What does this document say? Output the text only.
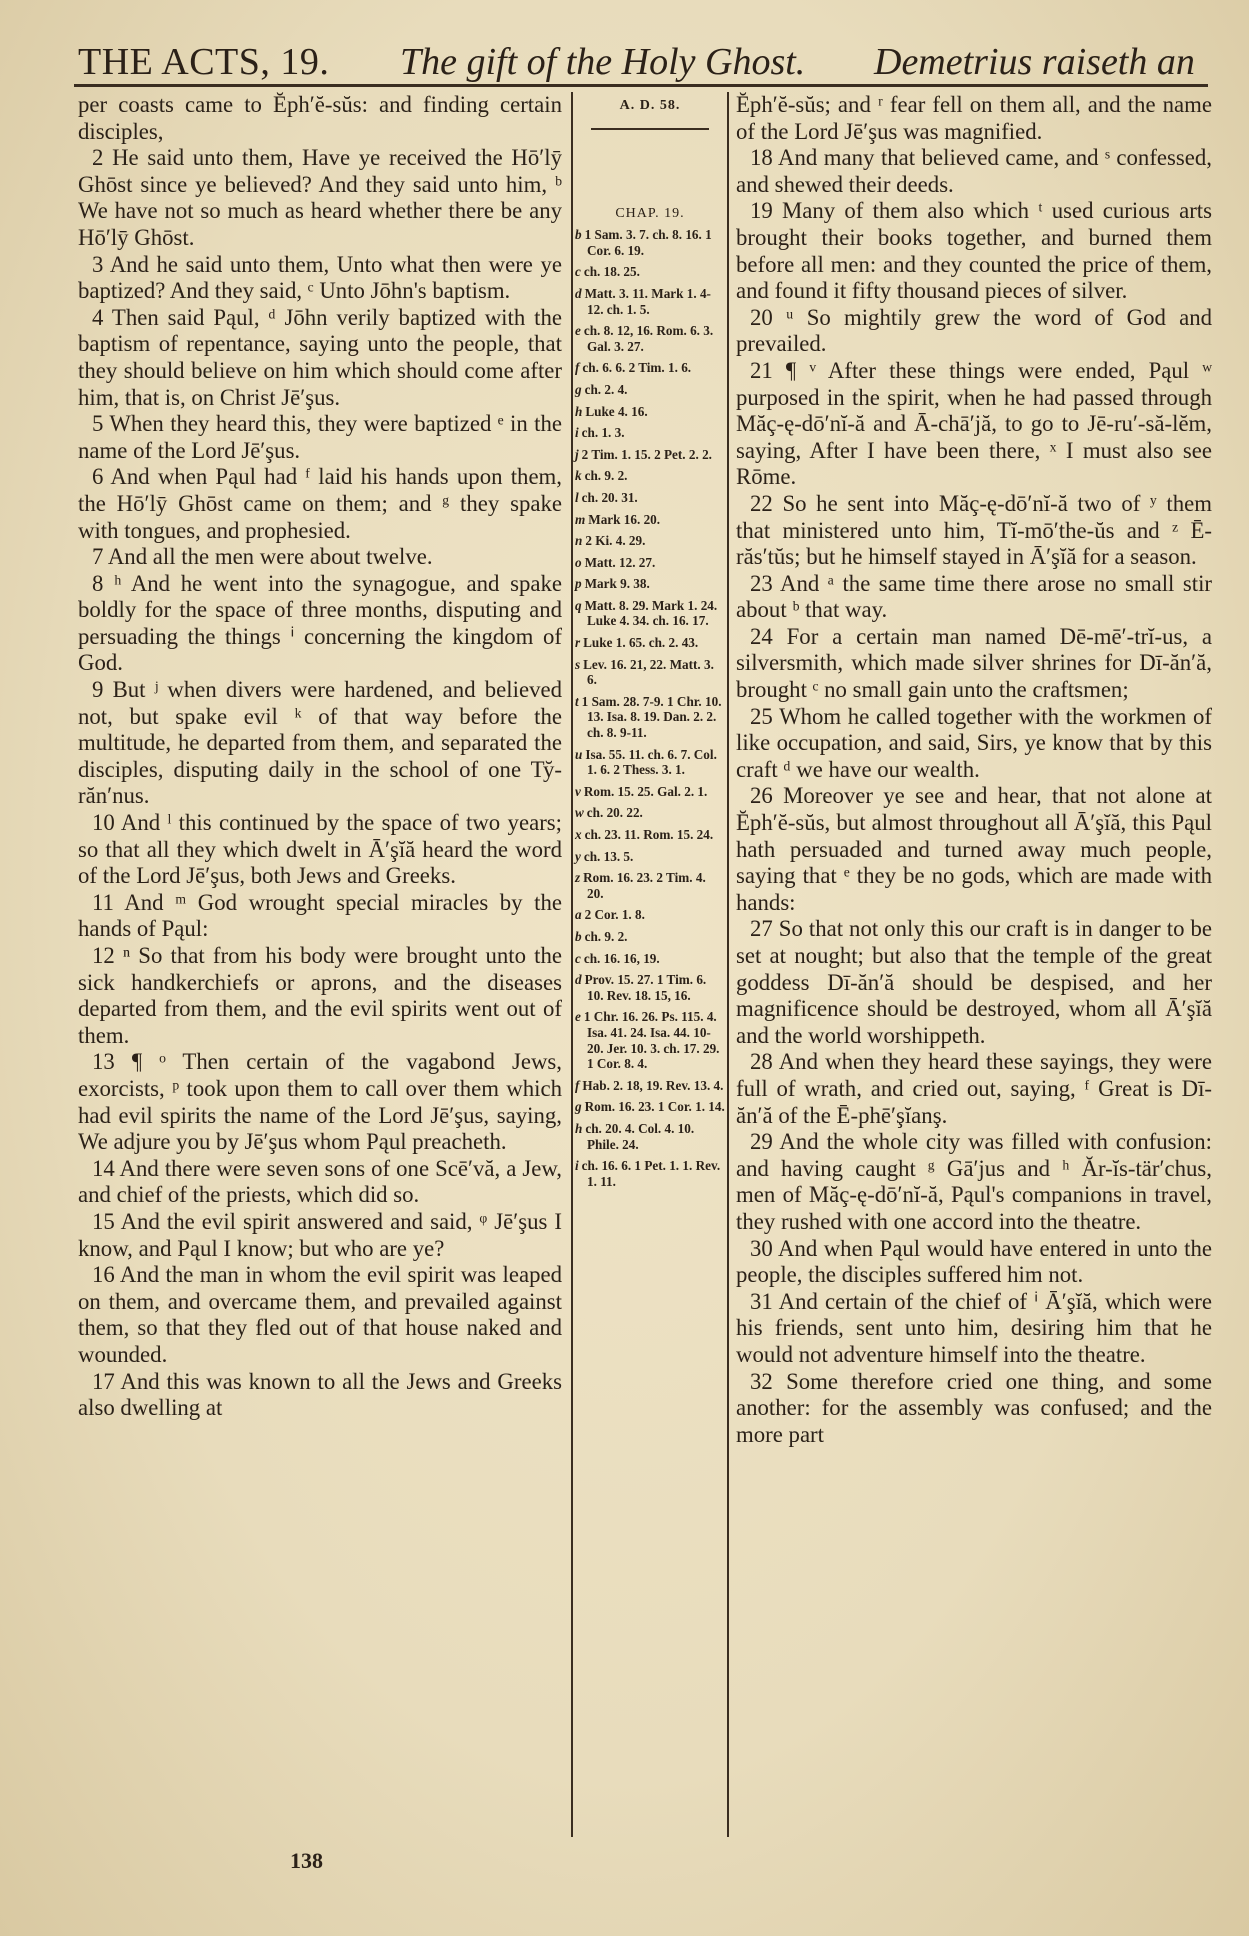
THE ACTS, 19. The gift of the Holy Ghost. Demetrius raiseth an

per coasts came to Ĕph′ĕ-sŭs: and finding certain disciples,

2 He said unto them, Have ye received the Hō′lȳ Ghōst since ye believed? And they said unto him, ᵇ We have not so much as heard whether there be any Hō′lȳ Ghōst.

3 And he said unto them, Unto what then were ye baptized? And they said, ᶜ Unto Jōhn's baptism.

4 Then said Pąul, ᵈ Jōhn verily baptized with the baptism of repentance, saying unto the people, that they should believe on him which should come after him, that is, on Christ Jē′şus.

5 When they heard this, they were baptized ᵉ in the name of the Lord Jē′şus.

6 And when Pąul had ᶠ laid his hands upon them, the Hō′lȳ Ghōst came on them; and ᵍ they spake with tongues, and prophesied.

7 And all the men were about twelve.

8 ʰ And he went into the synagogue, and spake boldly for the space of three months, disputing and persuading the things ⁱ concerning the kingdom of God.

9 But ʲ when divers were hardened, and believed not, but spake evil ᵏ of that way before the multitude, he departed from them, and separated the disciples, disputing daily in the school of one Ty̆-răn′nus.

10 And ˡ this continued by the space of two years; so that all they which dwelt in Ā′şĭă heard the word of the Lord Jē′şus, both Jews and Greeks.

11 And ᵐ God wrought special miracles by the hands of Pąul:

12 ⁿ So that from his body were brought unto the sick handkerchiefs or aprons, and the diseases departed from them, and the evil spirits went out of them.

13 ¶ ᵒ Then certain of the vagabond Jews, exorcists, ᵖ took upon them to call over them which had evil spirits the name of the Lord Jē′şus, saying, We adjure you by Jē′şus whom Pąul preacheth.

14 And there were seven sons of one Scē′vă, a Jew, and chief of the priests, which did so.

15 And the evil spirit answered and said, ᵠ Jē′şus I know, and Pąul I know; but who are ye?

16 And the man in whom the evil spirit was leaped on them, and overcame them, and prevailed against them, so that they fled out of that house naked and wounded.

17 And this was known to all the Jews and Greeks also dwelling at

A. D. 58.
CHAP. 19.
b 1 Sam. 3. 7. ch. 8. 16. 1 Cor. 6. 19.
c ch. 18. 25.
d Matt. 3. 11. Mark 1. 4-12. ch. 1. 5.
e ch. 8. 12, 16. Rom. 6. 3. Gal. 3. 27.
f ch. 6. 6. 2 Tim. 1. 6.
g ch. 2. 4.
h Luke 4. 16.
i ch. 1. 3.
j 2 Tim. 1. 15. 2 Pet. 2. 2.
k ch. 9. 2.
l ch. 20. 31.
m Mark 16. 20.
n 2 Ki. 4. 29.
o Matt. 12. 27.
p Mark 9. 38.
q Matt. 8. 29. Mark 1. 24. Luke 4. 34. ch. 16. 17.
r Luke 1. 65. ch. 2. 43.
s Lev. 16. 21, 22. Matt. 3. 6.
t 1 Sam. 28. 7-9. 1 Chr. 10. 13. Isa. 8. 19. Dan. 2. 2. ch. 8. 9-11.
u Isa. 55. 11. ch. 6. 7. Col. 1. 6. 2 Thess. 3. 1.
v Rom. 15. 25. Gal. 2. 1.
w ch. 20. 22.
x ch. 23. 11. Rom. 15. 24.
y ch. 13. 5.
z Rom. 16. 23. 2 Tim. 4. 20.
a 2 Cor. 1. 8.
b ch. 9. 2.
c ch. 16. 16, 19.
d Prov. 15. 27. 1 Tim. 6. 10. Rev. 18. 15, 16.
e 1 Chr. 16. 26. Ps. 115. 4. Isa. 41. 24. Isa. 44. 10-20. Jer. 10. 3. ch. 17. 29. 1 Cor. 8. 4.
f Hab. 2. 18, 19. Rev. 13. 4.
g Rom. 16. 23. 1 Cor. 1. 14.
h ch. 20. 4. Col. 4. 10. Phile. 24.
i ch. 16. 6. 1 Pet. 1. 1. Rev. 1. 11.

Ĕph′ĕ-sŭs; and ʳ fear fell on them all, and the name of the Lord Jē′şus was magnified.

18 And many that believed came, and ˢ confessed, and shewed their deeds.

19 Many of them also which ᵗ used curious arts brought their books together, and burned them before all men: and they counted the price of them, and found it fifty thousand pieces of silver.

20 ᵘ So mightily grew the word of God and prevailed.

21 ¶ ᵛ After these things were ended, Pąul ʷ purposed in the spirit, when he had passed through Măç-ę-dō′nĭ-ă and Ā-chā′jă, to go to Jē-ru′-să-lĕm, saying, After I have been there, ˣ I must also see Rōme.

22 So he sent into Măç-ę-dō′nĭ-ă two of ʸ them that ministered unto him, Tĭ-mō′the-ŭs and ᶻ Ē-răs′tŭs; but he himself stayed in Ā′şĭă for a season.

23 And ᵃ the same time there arose no small stir about ᵇ that way.

24 For a certain man named Dē-mē′-trĭ-us, a silversmith, which made silver shrines for Dī-ăn′ă, brought ᶜ no small gain unto the craftsmen;

25 Whom he called together with the workmen of like occupation, and said, Sirs, ye know that by this craft ᵈ we have our wealth.

26 Moreover ye see and hear, that not alone at Ĕph′ĕ-sŭs, but almost throughout all Ā′şĭă, this Pąul hath persuaded and turned away much people, saying that ᵉ they be no gods, which are made with hands:

27 So that not only this our craft is in danger to be set at nought; but also that the temple of the great goddess Dī-ăn′ă should be despised, and her magnificence should be destroyed, whom all Ā′şĭă and the world worshippeth.

28 And when they heard these sayings, they were full of wrath, and cried out, saying, ᶠ Great is Dī-ăn′ă of the Ē-phē′şĭanş.

29 And the whole city was filled with confusion: and having caught ᵍ Gā′jus and ʰ Ăr-ĭs-tär′chus, men of Măç-ę-dō′nĭ-ă, Pąul's companions in travel, they rushed with one accord into the theatre.

30 And when Pąul would have entered in unto the people, the disciples suffered him not.

31 And certain of the chief of ⁱ Ā′şĭă, which were his friends, sent unto him, desiring him that he would not adventure himself into the theatre.

32 Some therefore cried one thing, and some another: for the assembly was confused; and the more part

138
